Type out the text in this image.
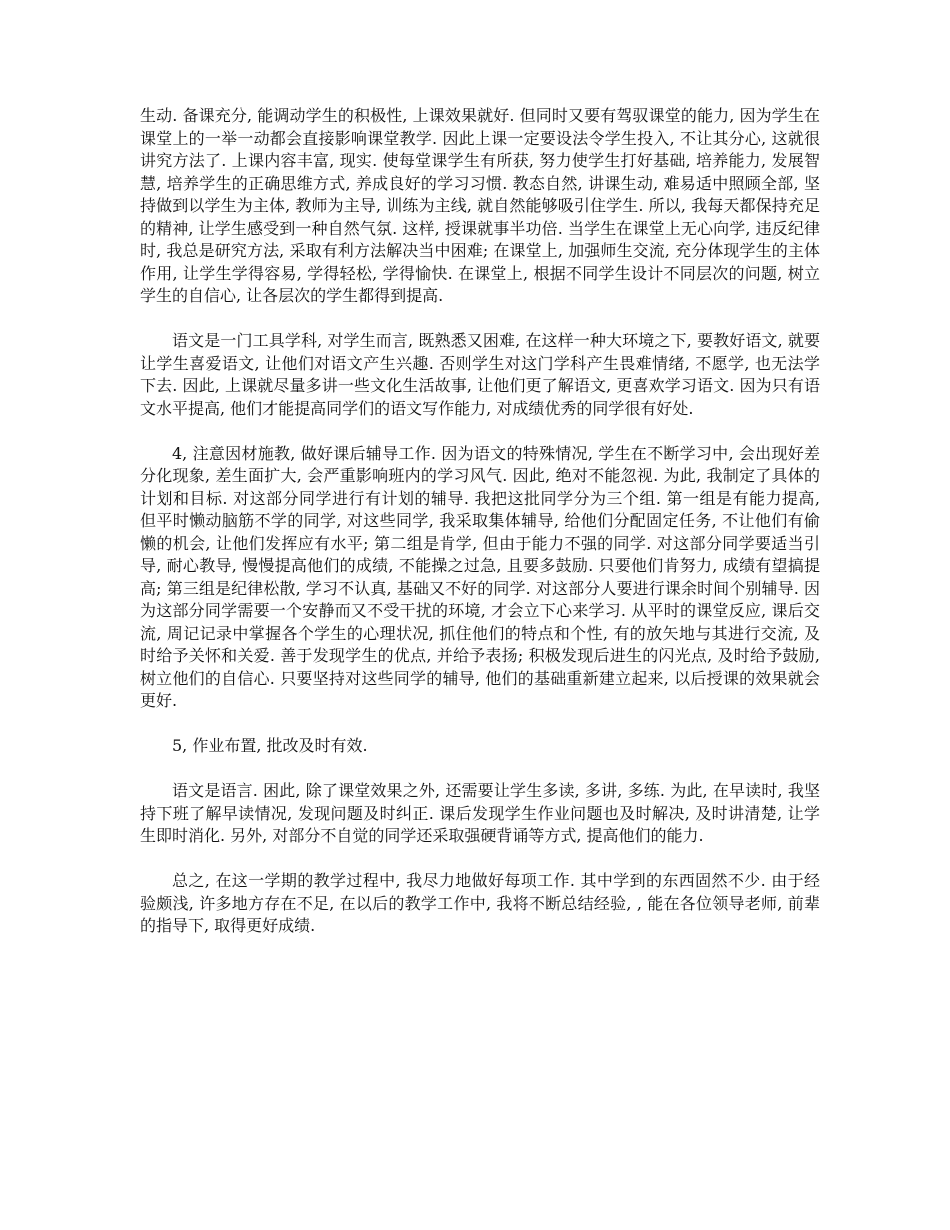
生动. 备课充分, 能调动学生的积极性, 上课效果就好. 但同时又要有驾驭课堂的能力, 因为学生在课堂上的一举一动都会直接影响课堂教学. 因此上课一定要设法令学生投入, 不让其分心, 这就很讲究方法了. 上课内容丰富, 现实. 使每堂课学生有所获, 努力使学生打好基础, 培养能力, 发展智慧, 培养学生的正确思维方式, 养成良好的学习习惯. 教态自然, 讲课生动, 难易适中照顾全部, 坚持做到以学生为主体, 教师为主导, 训练为主线, 就自然能够吸引住学生. 所以, 我每天都保持充足的精神, 让学生感受到一种自然气氛. 这样, 授课就事半功倍. 当学生在课堂上无心向学, 违反纪律时, 我总是研究方法, 采取有利方法解决当中困难; 在课堂上, 加强师生交流, 充分体现学生的主体作用, 让学生学得容易, 学得轻松, 学得愉快. 在课堂上, 根据不同学生设计不同层次的问题, 树立学生的自信心, 让各层次的学生都得到提高.

语文是一门工具学科, 对学生而言, 既熟悉又困难, 在这样一种大环境之下, 要教好语文, 就要让学生喜爱语文, 让他们对语文产生兴趣. 否则学生对这门学科产生畏难情绪, 不愿学, 也无法学下去. 因此, 上课就尽量多讲一些文化生活故事, 让他们更了解语文, 更喜欢学习语文. 因为只有语文水平提高, 他们才能提高同学们的语文写作能力, 对成绩优秀的同学很有好处.

4, 注意因材施教, 做好课后辅导工作. 因为语文的特殊情况, 学生在不断学习中, 会出现好差分化现象, 差生面扩大, 会严重影响班内的学习风气. 因此, 绝对不能忽视. 为此, 我制定了具体的计划和目标. 对这部分同学进行有计划的辅导. 我把这批同学分为三个组. 第一组是有能力提高, 但平时懒动脑筋不学的同学, 对这些同学, 我采取集体辅导, 给他们分配固定任务, 不让他们有偷懒的机会, 让他们发挥应有水平; 第二组是肯学, 但由于能力不强的同学. 对这部分同学要适当引导, 耐心教导, 慢慢提高他们的成绩, 不能操之过急, 且要多鼓励. 只要他们肯努力, 成绩有望搞提高; 第三组是纪律松散, 学习不认真, 基础又不好的同学. 对这部分人要进行课余时间个别辅导. 因为这部分同学需要一个安静而又不受干扰的环境, 才会立下心来学习. 从平时的课堂反应, 课后交流, 周记记录中掌握各个学生的心理状况, 抓住他们的特点和个性, 有的放矢地与其进行交流, 及时给予关怀和关爱. 善于发现学生的优点, 并给予表扬; 积极发现后进生的闪光点, 及时给予鼓励, 树立他们的自信心. 只要坚持对这些同学的辅导, 他们的基础重新建立起来, 以后授课的效果就会更好.

5, 作业布置, 批改及时有效.

语文是语言. 困此, 除了课堂效果之外, 还需要让学生多读, 多讲, 多练. 为此, 在早读时, 我坚持下班了解早读情况, 发现问题及时纠正. 课后发现学生作业问题也及时解决, 及时讲清楚, 让学生即时消化. 另外, 对部分不自觉的同学还采取强硬背诵等方式, 提高他们的能力.

总之, 在这一学期的教学过程中, 我尽力地做好每项工作. 其中学到的东西固然不少. 由于经验颇浅, 许多地方存在不足, 在以后的教学工作中, 我将不断总结经验, , 能在各位领导老师, 前辈的指导下, 取得更好成绩.
